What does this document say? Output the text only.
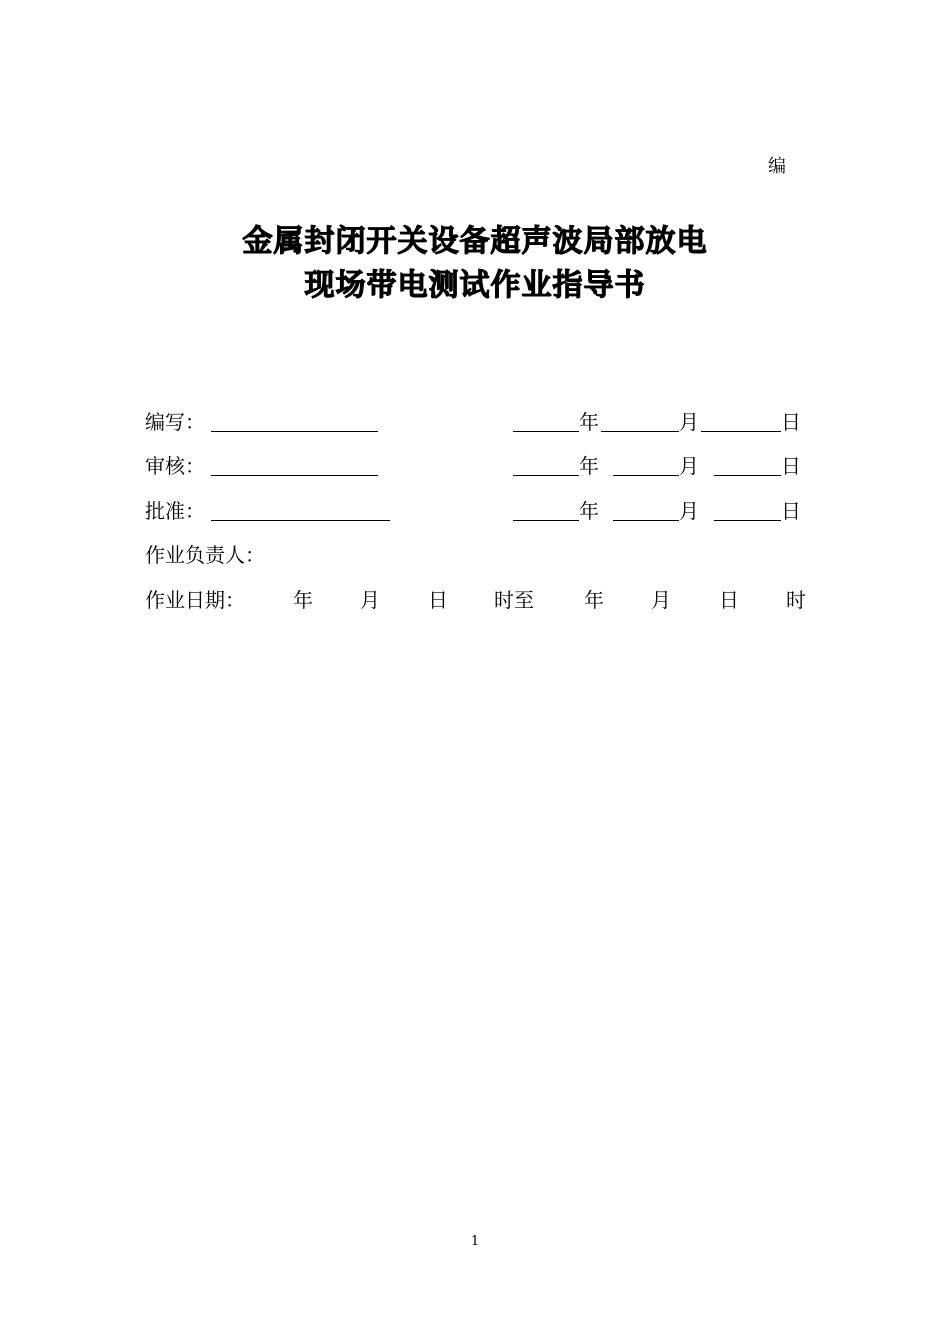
编
金属封闭开关设备超声波局部放电
现场带电测试作业指导书
编写：	年	月	日
审核：	年	月	日
批准：	年	月	日
作业负责人：
作业日期： 年 月 日 时至	年 月 日 时
1
